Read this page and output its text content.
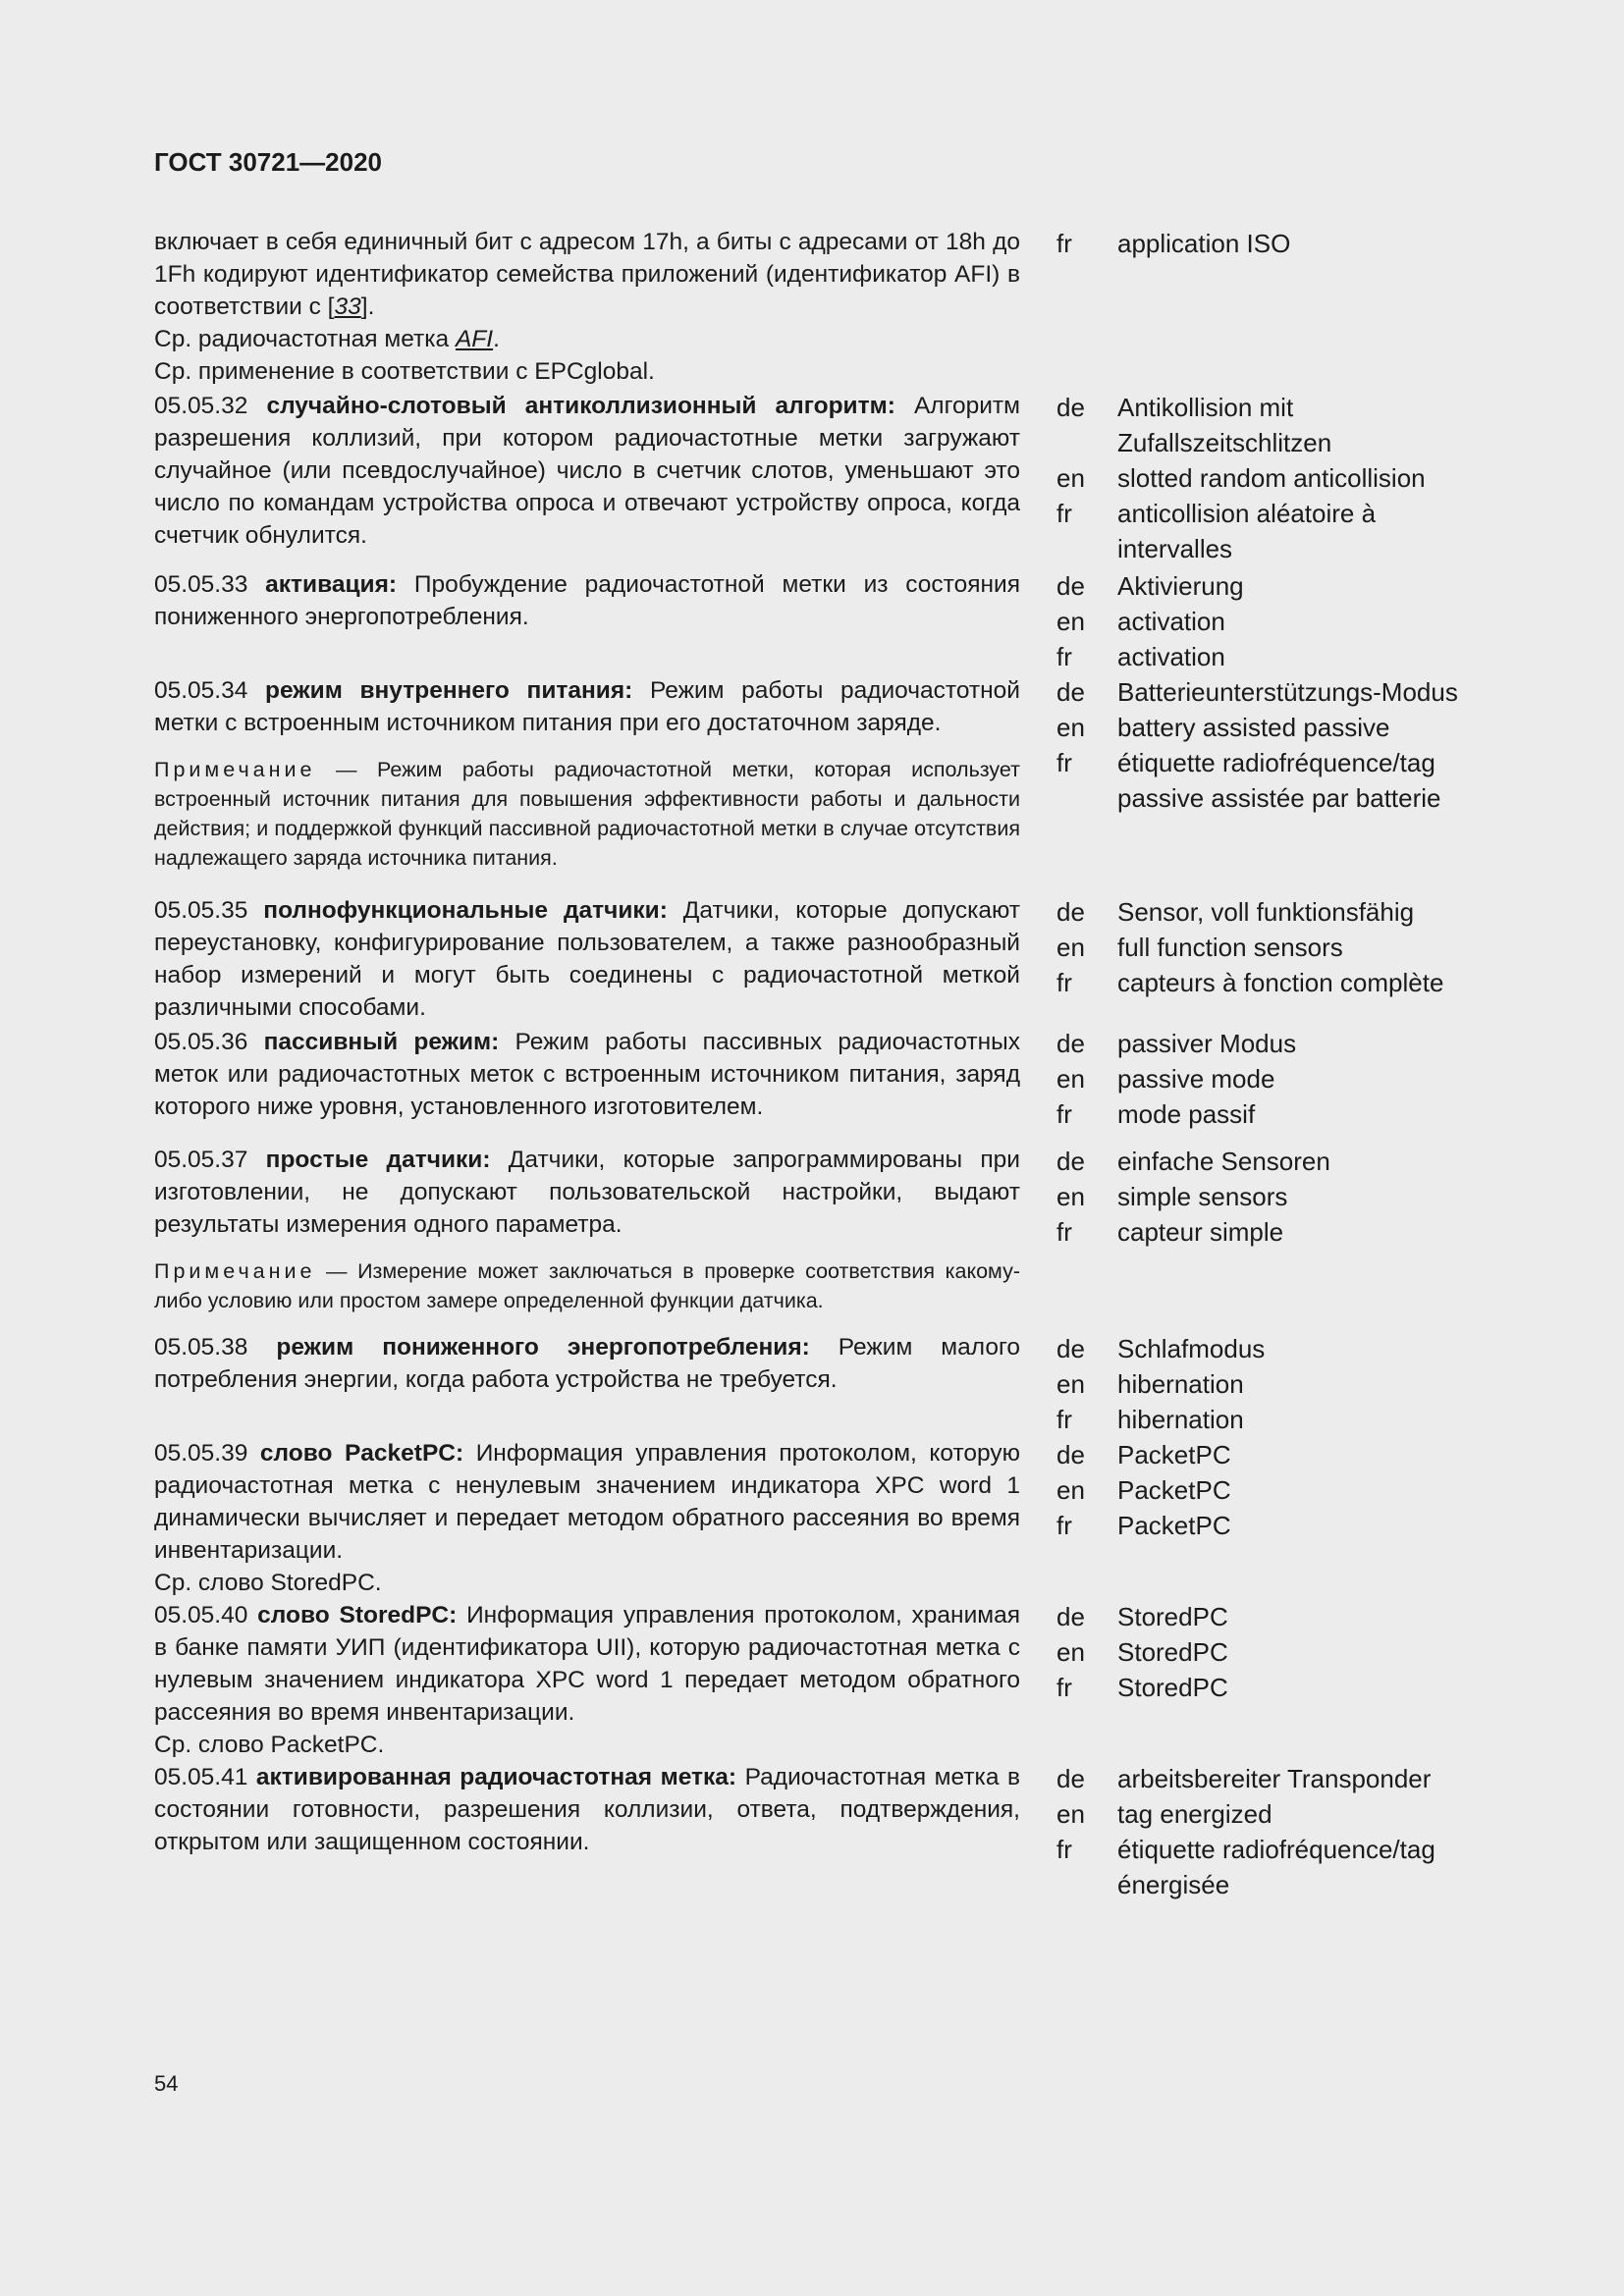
ГОСТ 30721—2020

включает в себя единичный бит с адресом 17h, а биты с адресами от 18h до 1Fh кодируют идентификатор семейства приложений (идентификатор AFI) в соответствии с [33].

Ср. радиочастотная метка AFI.

Ср. применение в соответствии с EPCglobal.

fr	application ISO

05.05.32 случайно-слотовый антиколлизионный алгоритм: Алгоритм разрешения коллизий, при котором радиочастотные метки загружают случайное (или псевдослучайное) число в счетчик слотов, уменьшают это число по командам устройства опроса и отвечают устройству опроса, когда счетчик обнулится.

de	Antikollision mit Zufallszeitschlitzen
en	slotted random anticollision
fr	anticollision aléatoire à intervalles

05.05.33 активация: Пробуждение радиочастотной метки из состояния пониженного энергопотребления.

de	Aktivierung
en	activation
fr	activation

05.05.34 режим внутреннего питания: Режим работы радиочастотной метки с встроенным источником питания при его достаточном заряде.

Примечание — Режим работы радиочастотной метки, которая использует встроенный источник питания для повышения эффективности работы и дальности действия; и поддержкой функций пассивной радиочастотной метки в случае отсутствия надлежащего заряда источника питания.

de	Batterieunterstützungs-Modus
en	battery assisted passive
fr	étiquette radiofréquence/tag passive assistée par batterie

05.05.35 полнофункциональные датчики: Датчики, которые допускают переустановку, конфигурирование пользователем, а также разнообразный набор измерений и могут быть соединены с радиочастотной меткой различными способами.

de	Sensor, voll funktionsfähig
en	full function sensors
fr	capteurs à fonction complète

05.05.36 пассивный режим: Режим работы пассивных радиочастотных меток или радиочастотных меток с встроенным источником питания, заряд которого ниже уровня, установленного изготовителем.

de	passiver Modus
en	passive mode
fr	mode passif

05.05.37 простые датчики: Датчики, которые запрограммированы при изготовлении, не допускают пользовательской настройки, выдают результаты измерения одного параметра.

Примечание — Измерение может заключаться в проверке соответствия какому-либо условию или простом замере определенной функции датчика.

de	einfache Sensoren
en	simple sensors
fr	capteur simple

05.05.38 режим пониженного энергопотребления: Режим малого потребления энергии, когда работа устройства не требуется.

de	Schlafmodus
en	hibernation
fr	hibernation

05.05.39 слово PacketPC: Информация управления протоколом, которую радиочастотная метка с ненулевым значением индикатора XPC word 1 динамически вычисляет и передает методом обратного рассеяния во время инвентаризации.

Ср. слово StoredPC.

de	PacketPC
en	PacketPC
fr	PacketPC

05.05.40 слово StoredPC: Информация управления протоколом, хранимая в банке памяти УИП (идентификатора UII), которую радиочастотная метка с нулевым значением индикатора XPC word 1 передает методом обратного рассеяния во время инвентаризации.

Ср. слово PacketPC.

de	StoredPC
en	StoredPC
fr	StoredPC

05.05.41 активированная радиочастотная метка: Радиочастотная метка в состоянии готовности, разрешения коллизии, ответа, подтверждения, открытом или защищенном состоянии.

de	arbeitsbereiter Transponder
en	tag energized
fr	étiquette radiofréquence/tag énergisée
54
